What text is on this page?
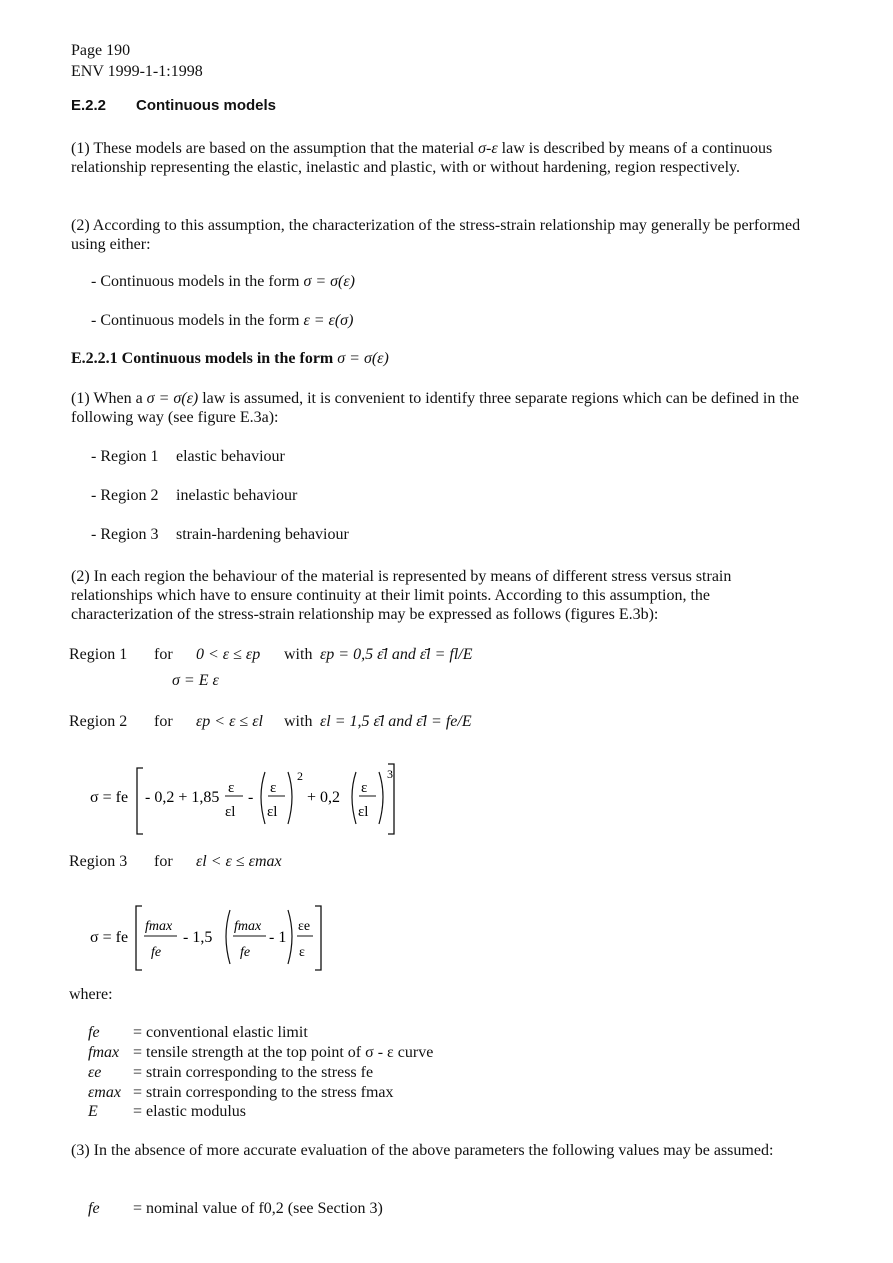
Page 190
ENV 1999-1-1:1998
E.2.2 Continuous models
(1) These models are based on the assumption that the material σ-ε law is described by means of a continuous relationship representing the elastic, inelastic and plastic, with or without hardening, region respectively.
(2) According to this assumption, the characterization of the stress-strain relationship may generally be performed using either:
- Continuous models in the form σ = σ(ε)
- Continuous models in the form ε = ε(σ)
E.2.2.1 Continuous models in the form σ = σ(ε)
(1) When a σ = σ(ε) law is assumed, it is convenient to identify three separate regions which can be defined in the following way (see figure E.3a):
- Region 1 elastic behaviour
- Region 2 inelastic behaviour
- Region 3 strain-hardening behaviour
(2) In each region the behaviour of the material is represented by means of different stress versus strain relationships which have to ensure continuity at their limit points. According to this assumption, the characterization of the stress-strain relationship may be expressed as follows (figures E.3b):
Region 1 for 0 < ε ≤ εp with εp = 0,5 ε̄l and ε̄l = fl/E
σ = E ε
Region 2 for εp < ε ≤ εl with εl = 1,5 ε̄l and ε̄l = fe/E
σ = fe - 0,2 + 1,85
ε
εl
-
ε
εl
2
+ 0,2
ε
εl
3
Region 3 for εl < ε ≤ εmax
σ = fe
fmax
fe
- 1,5
fmax
fe
- 1
εe
ε
where:
fe	= conventional elastic limit
fmax = tensile strength at the top point of σ - ε curve
εe	= strain corresponding to the stress fe
εmax = strain corresponding to the stress fmax
E	= elastic modulus
(3) In the absence of more accurate evaluation of the above parameters the following values may be assumed:
fe	= nominal value of f0,2 (see Section 3)
